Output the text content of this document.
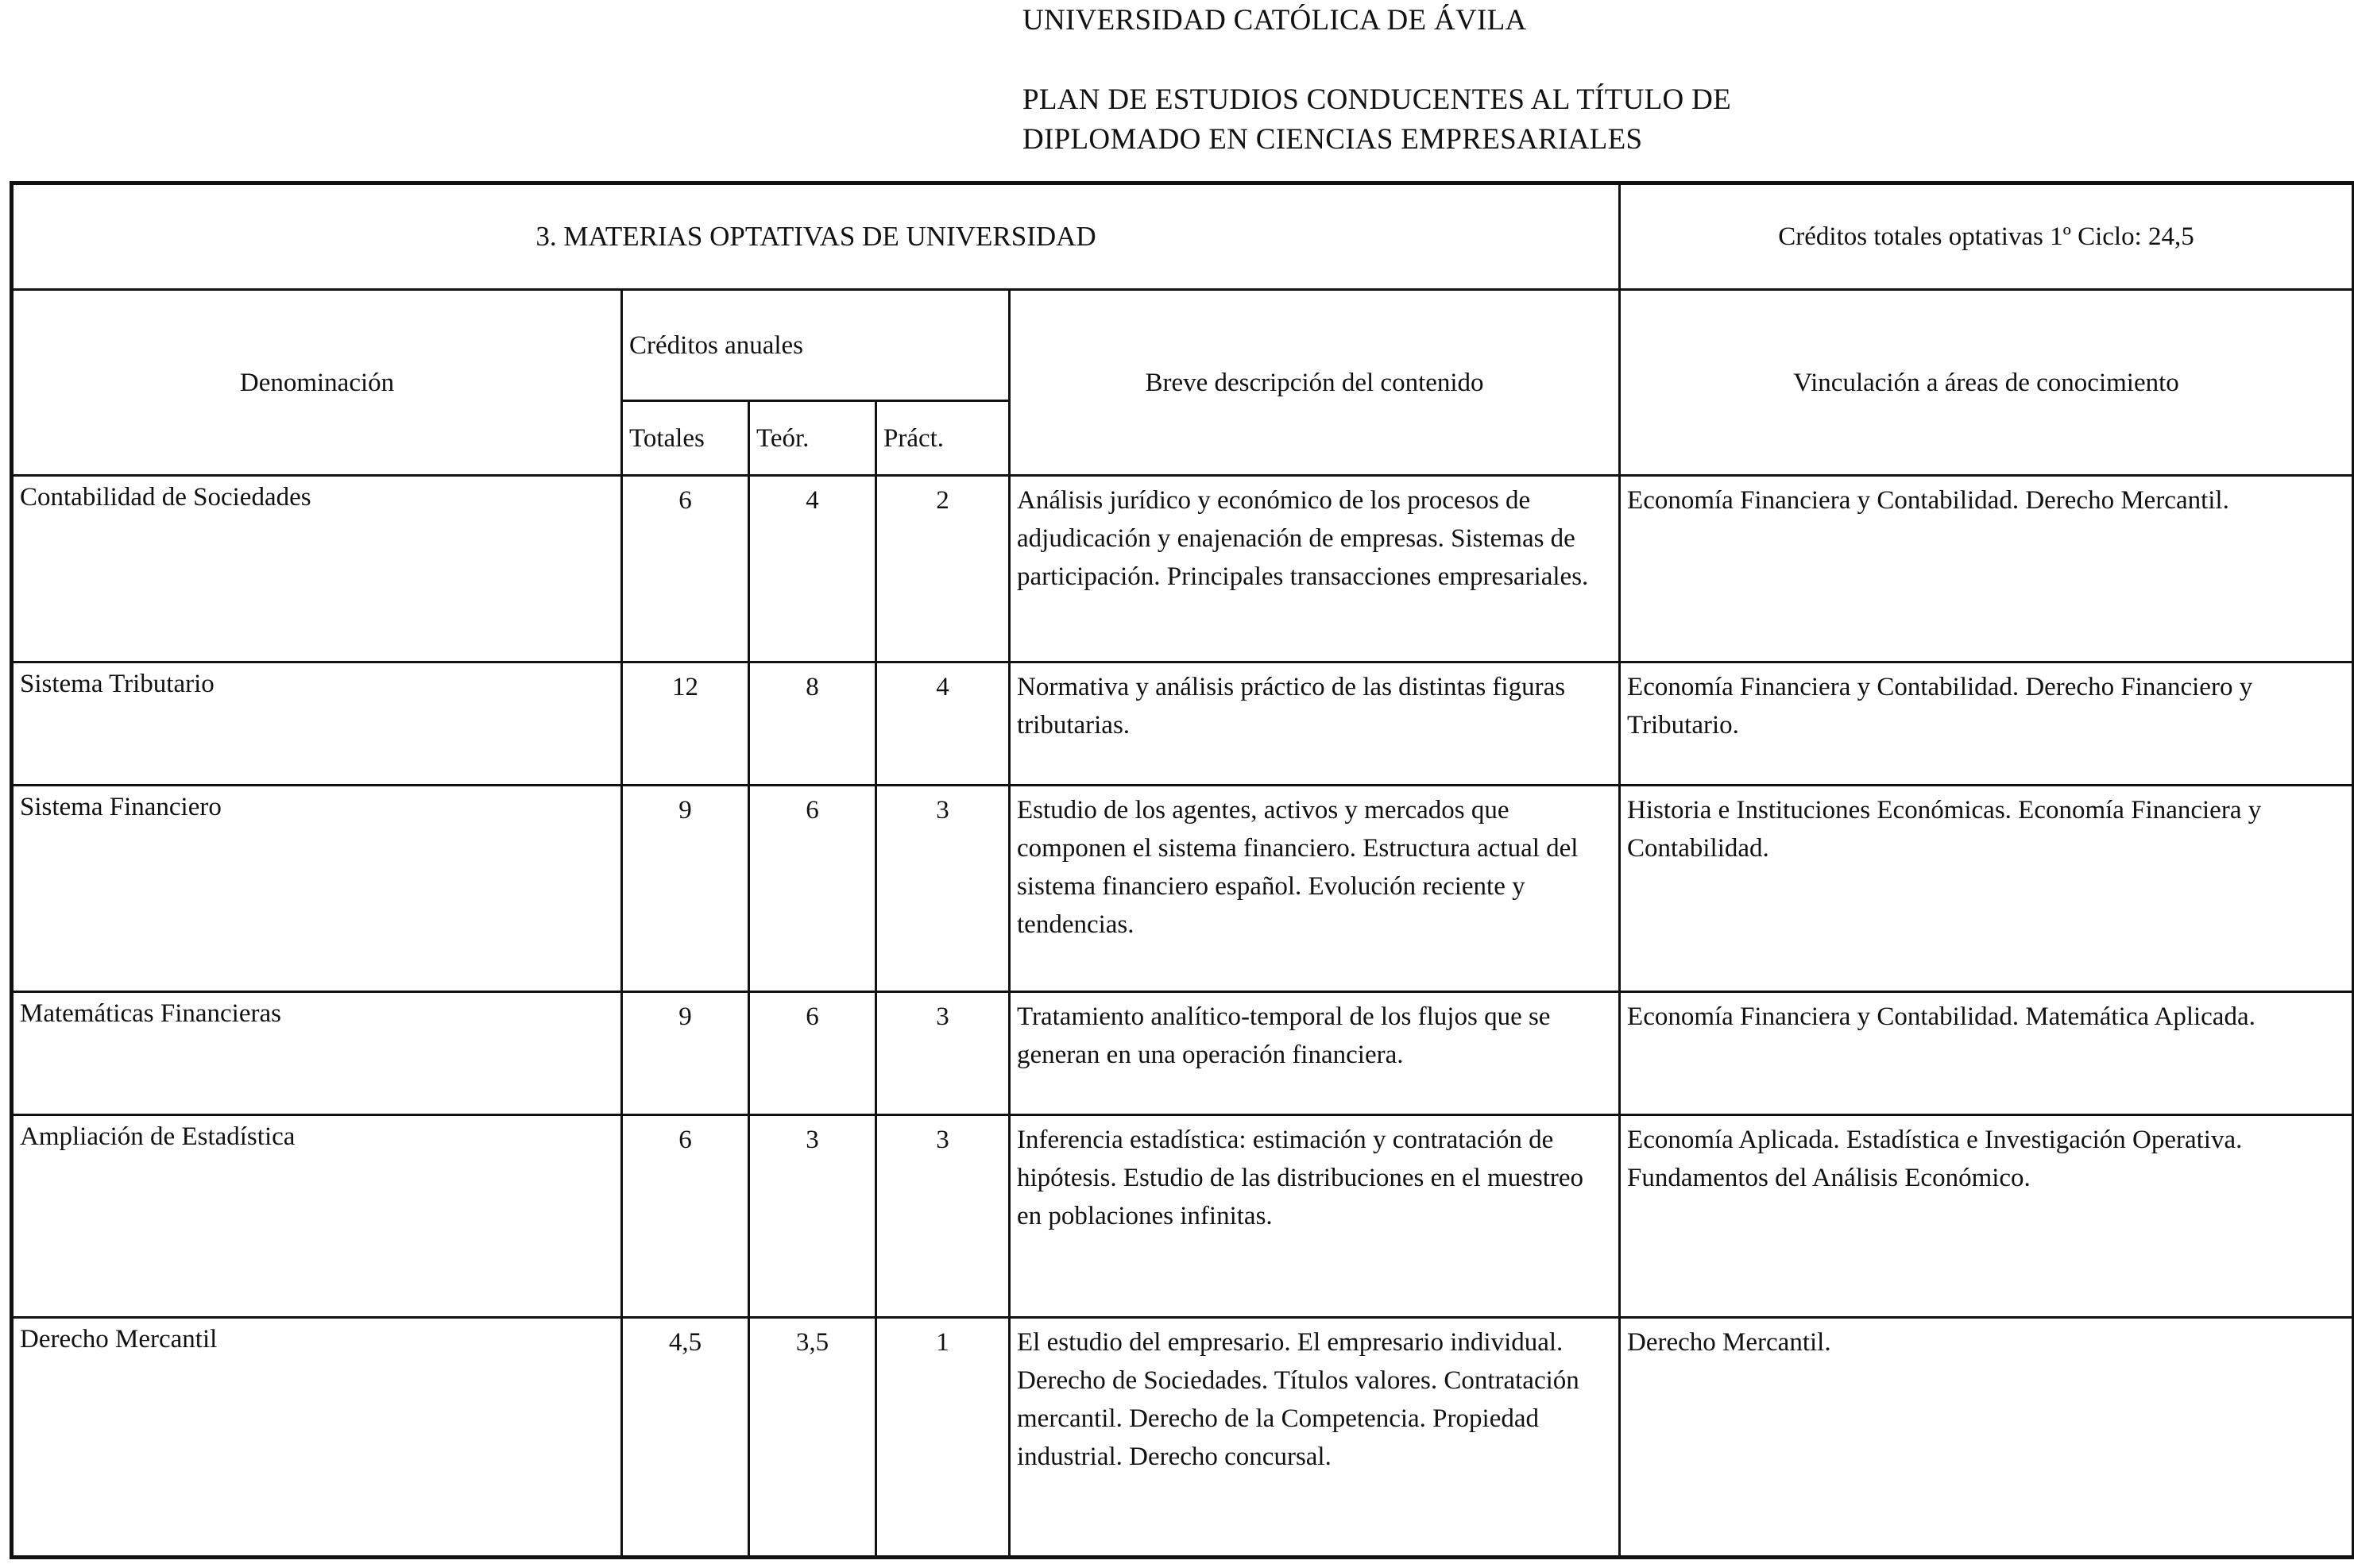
UNIVERSIDAD CATÓLICA DE ÁVILA
PLAN DE ESTUDIOS CONDUCENTES AL TÍTULO DE
DIPLOMADO EN CIENCIAS EMPRESARIALES
3. MATERIAS OPTATIVAS DE UNIVERSIDAD					Créditos totales optativas 1º Ciclo: 24,5
Denominación	Créditos anuales			Breve descripción del contenido	Vinculación a áreas de conocimiento
	Totales	Teór.	Práct.		
Contabilidad de Sociedades	6	4	2	Análisis jurídico y económico de los procesos de adjudicación y enajenación de empresas. Sistemas de participación. Principales transacciones empresariales.	Economía Financiera y Contabilidad. Derecho Mercantil.
Sistema Tributario	12	8	4	Normativa y análisis práctico de las distintas figuras tributarias.	Economía Financiera y Contabilidad. Derecho Financiero y Tributario.
Sistema Financiero	9	6	3	Estudio de los agentes, activos y mercados que componen el sistema financiero. Estructura actual del sistema financiero español. Evolución reciente y tendencias.	Historia e Instituciones Económicas. Economía Financiera y Contabilidad.
Matemáticas Financieras	9	6	3	Tratamiento analítico-temporal de los flujos que se generan en una operación financiera.	Economía Financiera y Contabilidad. Matemática Aplicada.
Ampliación de Estadística	6	3	3	Inferencia estadística: estimación y contratación de hipótesis. Estudio de las distribuciones en el muestreo en poblaciones infinitas.	Economía Aplicada. Estadística e Investigación Operativa. Fundamentos del Análisis Económico.
Derecho Mercantil	4,5	3,5	1	El estudio del empresario. El empresario individual. Derecho de Sociedades. Títulos valores. Contratación mercantil. Derecho de la Competencia. Propiedad industrial. Derecho concursal.	Derecho Mercantil.
